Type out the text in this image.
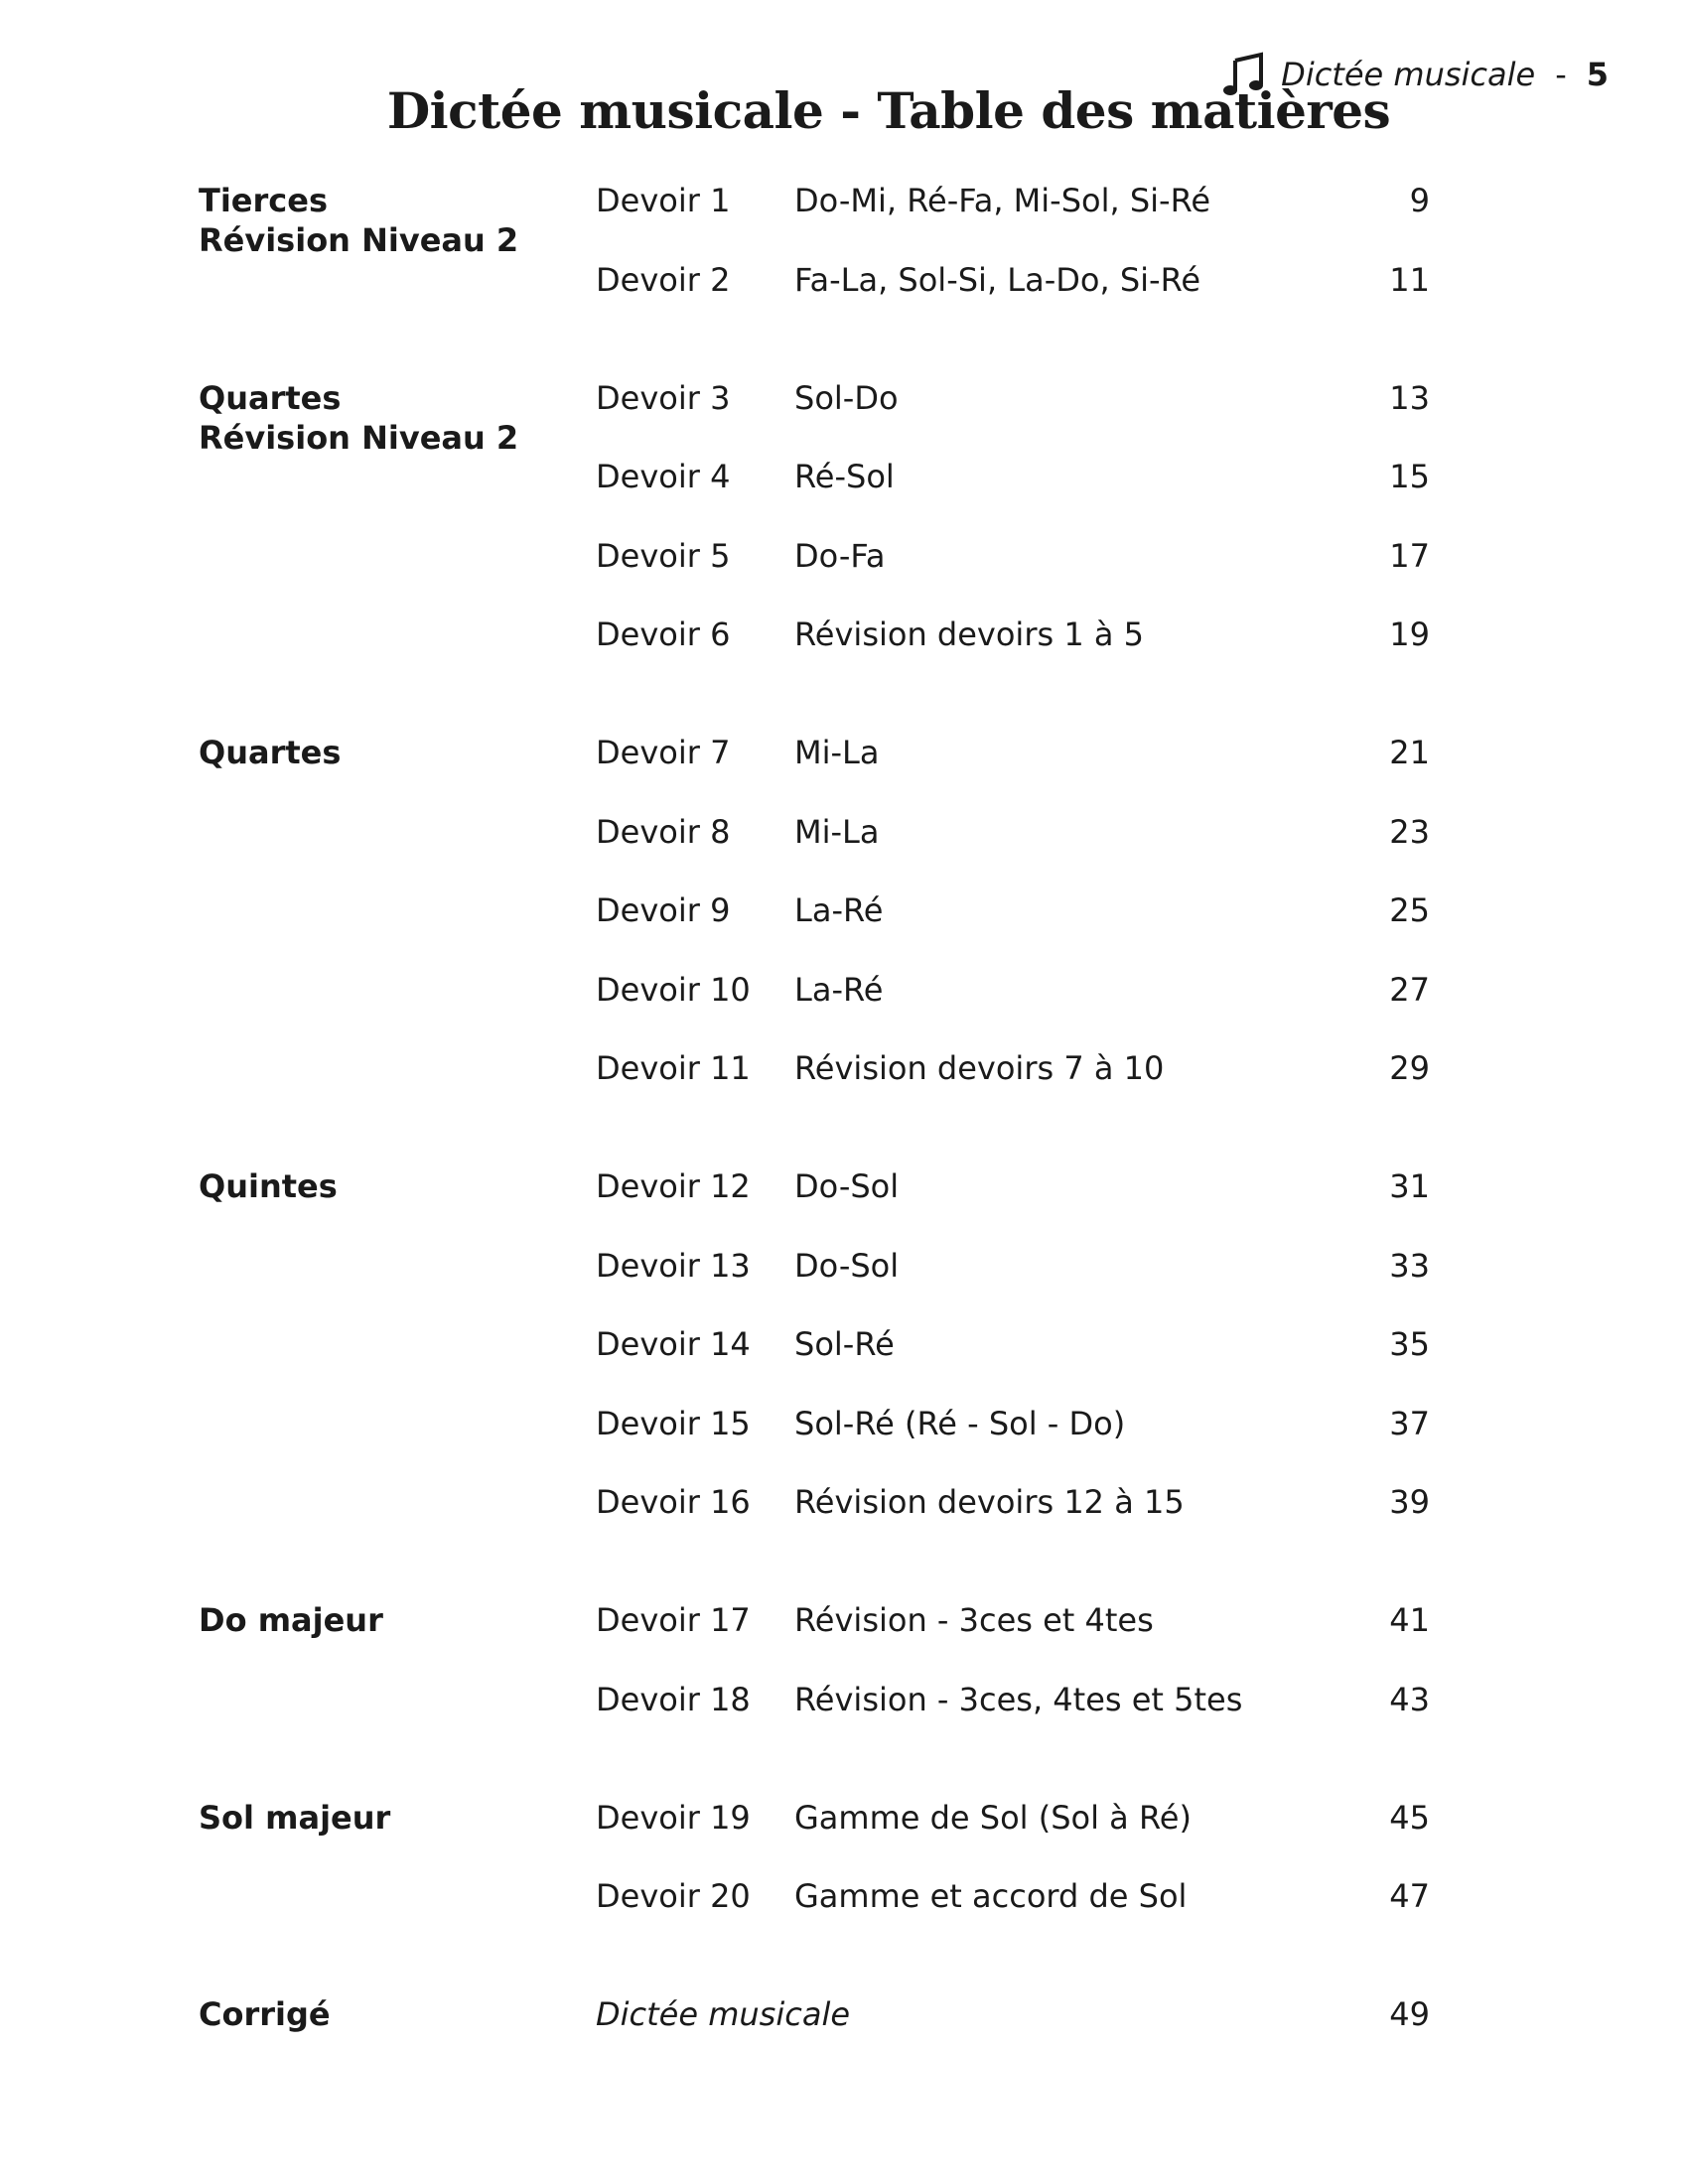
Dictée musicale - 5
Dictée musicale - Table des matières
Tierces	Devoir 1 Do-Mi, Ré-Fa, Mi-Sol, Si-Ré	9
Révision Niveau 2
Devoir 2 Fa-La, Sol-Si, La-Do, Si-Ré	11
Quartes	Devoir 3 Sol-Do	13
Révision Niveau 2
Devoir 4 Ré-Sol	15
Devoir 5 Do-Fa	17
Devoir 6 Révision devoirs 1 à 5	19
Quartes	Devoir 7 Mi-La	21
Devoir 8 Mi-La	23
Devoir 9 La-Ré	25
Devoir 10 La-Ré	27
Devoir 11 Révision devoirs 7 à 10	29
Quintes	Devoir 12 Do-Sol	31
Devoir 13 Do-Sol	33
Devoir 14 Sol-Ré	35
Devoir 15 Sol-Ré (Ré - Sol - Do)	37
Devoir 16 Révision devoirs 12 à 15	39
Do majeur	Devoir 17 Révision - 3ces et 4tes	41
Devoir 18 Révision - 3ces, 4tes et 5tes	43
Sol majeur	Devoir 19 Gamme de Sol (Sol à Ré)	45
Devoir 20 Gamme et accord de Sol	47
Corrigé	Dictée musicale	49
